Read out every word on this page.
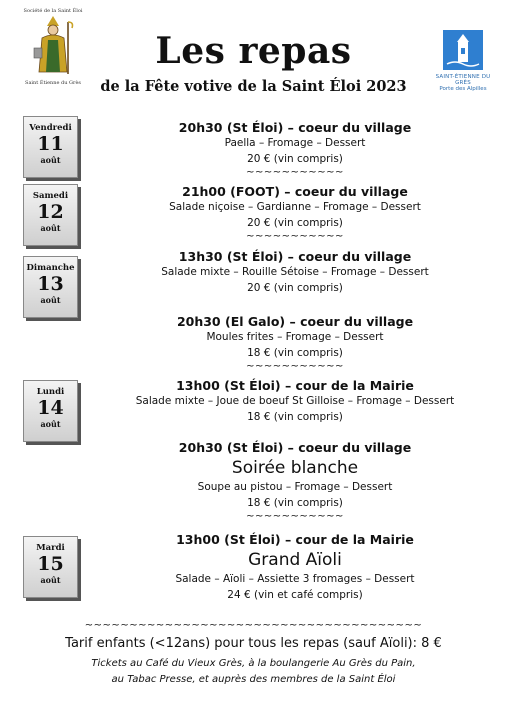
Société de la Saint Éloi
Saint Étienne du Grès
Les repas
de la Fête votive de la Saint Éloi 2023
SAINT-ÉTIENNE DU GRÈS
Porte des Alpilles
Vendredi
11
août
Samedi
12
août
Dimanche
13
août
Lundi
14
août
Mardi
15
août
20h30 (St Éloi) – coeur du village
Paella – Fromage – Dessert
20 € (vin compris)
~~~~~~~~~~~
21h00 (FOOT) – coeur du village
Salade niçoise – Gardianne – Fromage – Dessert
20 € (vin compris)
~~~~~~~~~~~
13h30 (St Éloi) – coeur du village
Salade mixte – Rouille Sétoise – Fromage – Dessert
20 € (vin compris)
20h30 (El Galo) – coeur du village
Moules frites – Fromage – Dessert
18 € (vin compris)
~~~~~~~~~~~
13h00 (St Éloi) – cour de la Mairie
Salade mixte – Joue de boeuf St Gilloise – Fromage – Dessert
18 € (vin compris)
20h30 (St Éloi) – coeur du village
Soirée blanche
Soupe au pistou – Fromage – Dessert
18 € (vin compris)
~~~~~~~~~~~
13h00 (St Éloi) – cour de la Mairie
Grand Aïoli
Salade – Aïoli – Assiette 3 fromages – Dessert
24 € (vin et café compris)
~~~~~~~~~~~~~~~~~~~~~~~~~~~~~~~~~~~~~~
Tarif enfants (<12ans) pour tous les repas (sauf Aïoli): 8 €
Tickets au Café du Vieux Grès, à la boulangerie Au Grès du Pain,
au Tabac Presse, et auprès des membres de la Saint Éloi
